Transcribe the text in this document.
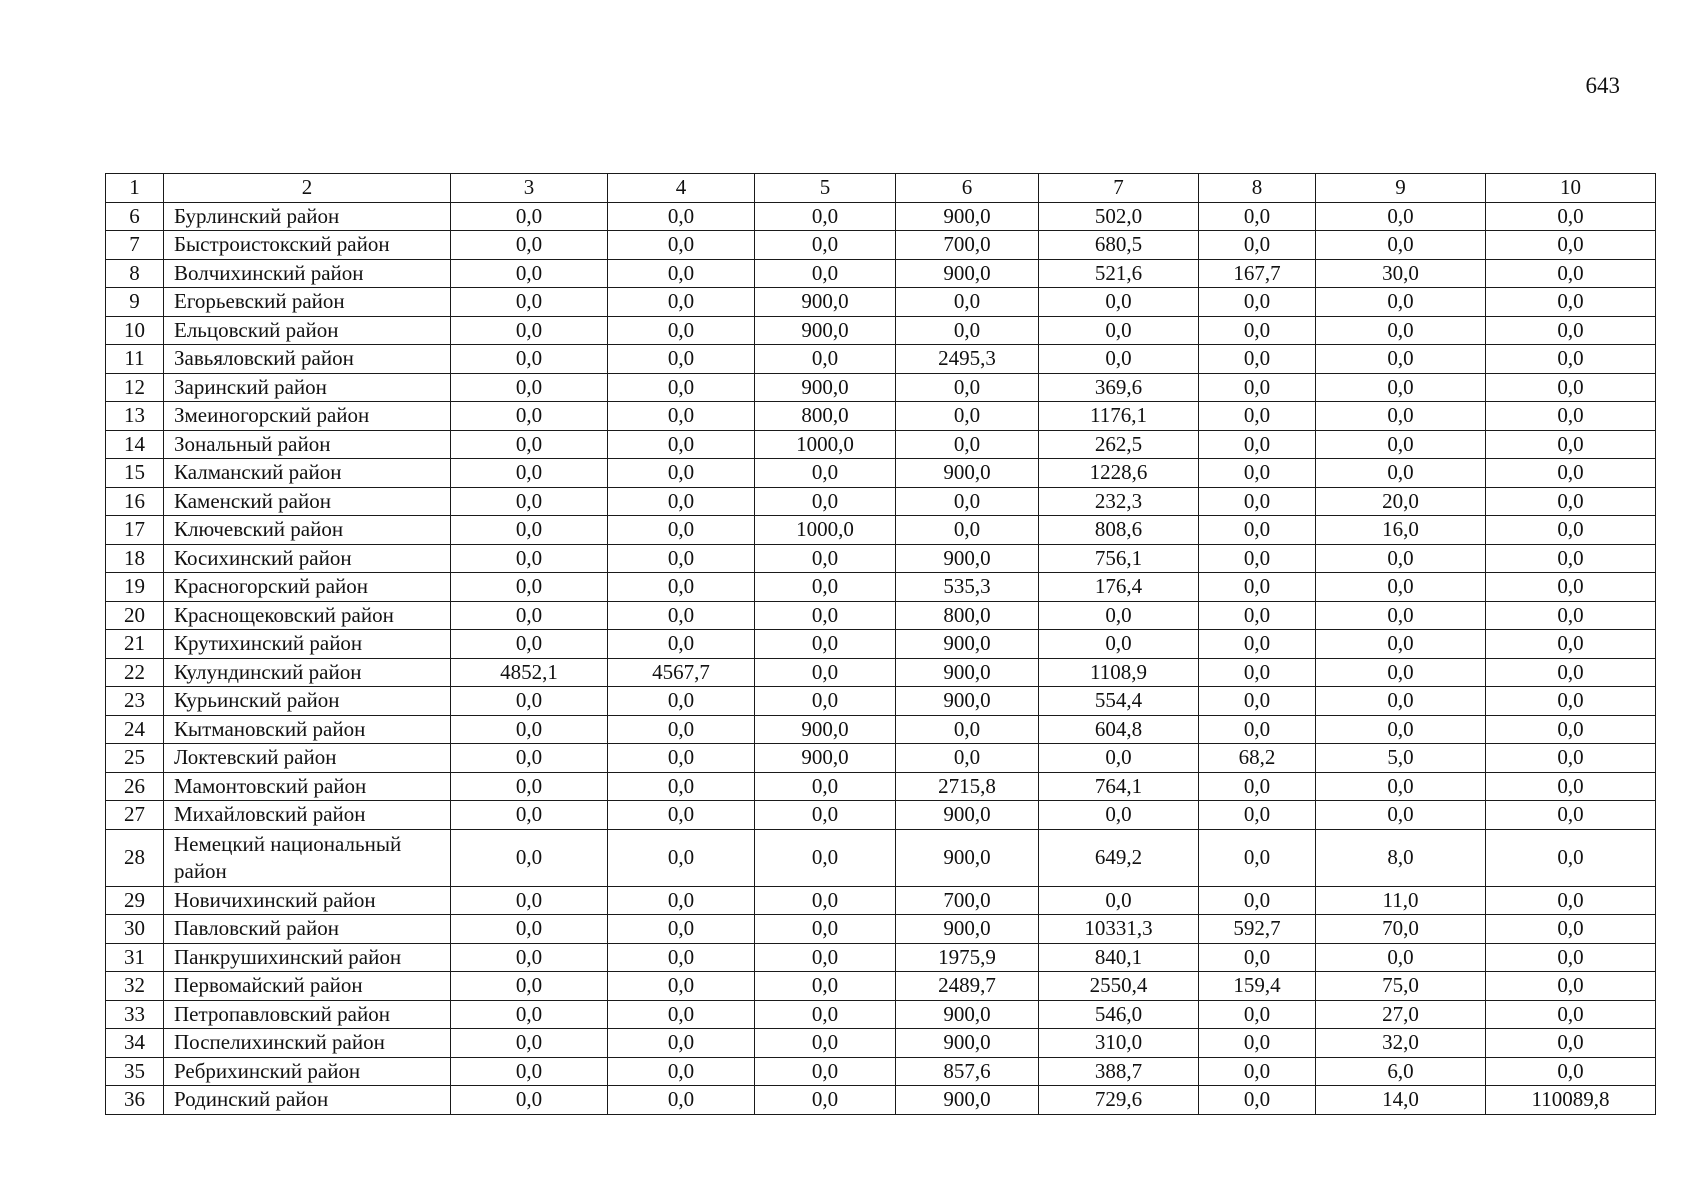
643
1	2	3	4	5	6	7	8	9	10
6	Бурлинский район	0,0	0,0	0,0	900,0	502,0	0,0	0,0	0,0
7	Быстроистокский район	0,0	0,0	0,0	700,0	680,5	0,0	0,0	0,0
8	Волчихинский район	0,0	0,0	0,0	900,0	521,6	167,7	30,0	0,0
9	Егорьевский район	0,0	0,0	900,0	0,0	0,0	0,0	0,0	0,0
10	Ельцовский район	0,0	0,0	900,0	0,0	0,0	0,0	0,0	0,0
11	Завьяловский район	0,0	0,0	0,0	2495,3	0,0	0,0	0,0	0,0
12	Заринский район	0,0	0,0	900,0	0,0	369,6	0,0	0,0	0,0
13	Змеиногорский район	0,0	0,0	800,0	0,0	1176,1	0,0	0,0	0,0
14	Зональный район	0,0	0,0	1000,0	0,0	262,5	0,0	0,0	0,0
15	Калманский район	0,0	0,0	0,0	900,0	1228,6	0,0	0,0	0,0
16	Каменский район	0,0	0,0	0,0	0,0	232,3	0,0	20,0	0,0
17	Ключевский район	0,0	0,0	1000,0	0,0	808,6	0,0	16,0	0,0
18	Косихинский район	0,0	0,0	0,0	900,0	756,1	0,0	0,0	0,0
19	Красногорский район	0,0	0,0	0,0	535,3	176,4	0,0	0,0	0,0
20	Краснощековский район	0,0	0,0	0,0	800,0	0,0	0,0	0,0	0,0
21	Крутихинский район	0,0	0,0	0,0	900,0	0,0	0,0	0,0	0,0
22	Кулундинский район	4852,1	4567,7	0,0	900,0	1108,9	0,0	0,0	0,0
23	Курьинский район	0,0	0,0	0,0	900,0	554,4	0,0	0,0	0,0
24	Кытмановский район	0,0	0,0	900,0	0,0	604,8	0,0	0,0	0,0
25	Локтевский район	0,0	0,0	900,0	0,0	0,0	68,2	5,0	0,0
26	Мамонтовский район	0,0	0,0	0,0	2715,8	764,1	0,0	0,0	0,0
27	Михайловский район	0,0	0,0	0,0	900,0	0,0	0,0	0,0	0,0
28	Немецкий национальный район	0,0	0,0	0,0	900,0	649,2	0,0	8,0	0,0
29	Новичихинский район	0,0	0,0	0,0	700,0	0,0	0,0	11,0	0,0
30	Павловский район	0,0	0,0	0,0	900,0	10331,3	592,7	70,0	0,0
31	Панкрушихинский район	0,0	0,0	0,0	1975,9	840,1	0,0	0,0	0,0
32	Первомайский район	0,0	0,0	0,0	2489,7	2550,4	159,4	75,0	0,0
33	Петропавловский район	0,0	0,0	0,0	900,0	546,0	0,0	27,0	0,0
34	Поспелихинский район	0,0	0,0	0,0	900,0	310,0	0,0	32,0	0,0
35	Ребрихинский район	0,0	0,0	0,0	857,6	388,7	0,0	6,0	0,0
36	Родинский район	0,0	0,0	0,0	900,0	729,6	0,0	14,0	110089,8
